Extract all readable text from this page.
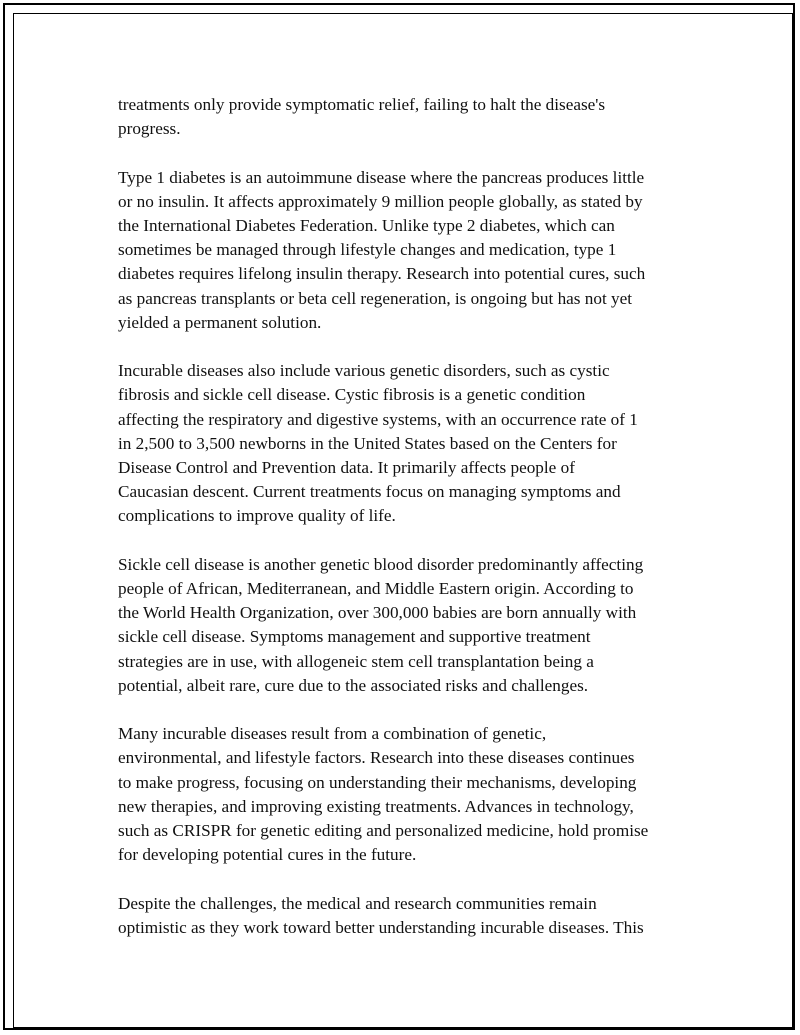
treatments only provide symptomatic relief, failing to halt the disease's
progress.

Type 1 diabetes is an autoimmune disease where the pancreas produces little
or no insulin. It affects approximately 9 million people globally, as stated by
the International Diabetes Federation. Unlike type 2 diabetes, which can
sometimes be managed through lifestyle changes and medication, type 1
diabetes requires lifelong insulin therapy. Research into potential cures, such
as pancreas transplants or beta cell regeneration, is ongoing but has not yet
yielded a permanent solution.

Incurable diseases also include various genetic disorders, such as cystic
fibrosis and sickle cell disease. Cystic fibrosis is a genetic condition
affecting the respiratory and digestive systems, with an occurrence rate of 1
in 2,500 to 3,500 newborns in the United States based on the Centers for
Disease Control and Prevention data. It primarily affects people of
Caucasian descent. Current treatments focus on managing symptoms and
complications to improve quality of life.

Sickle cell disease is another genetic blood disorder predominantly affecting
people of African, Mediterranean, and Middle Eastern origin. According to
the World Health Organization, over 300,000 babies are born annually with
sickle cell disease. Symptoms management and supportive treatment
strategies are in use, with allogeneic stem cell transplantation being a
potential, albeit rare, cure due to the associated risks and challenges.

Many incurable diseases result from a combination of genetic,
environmental, and lifestyle factors. Research into these diseases continues
to make progress, focusing on understanding their mechanisms, developing
new therapies, and improving existing treatments. Advances in technology,
such as CRISPR for genetic editing and personalized medicine, hold promise
for developing potential cures in the future.

Despite the challenges, the medical and research communities remain
optimistic as they work toward better understanding incurable diseases. This
